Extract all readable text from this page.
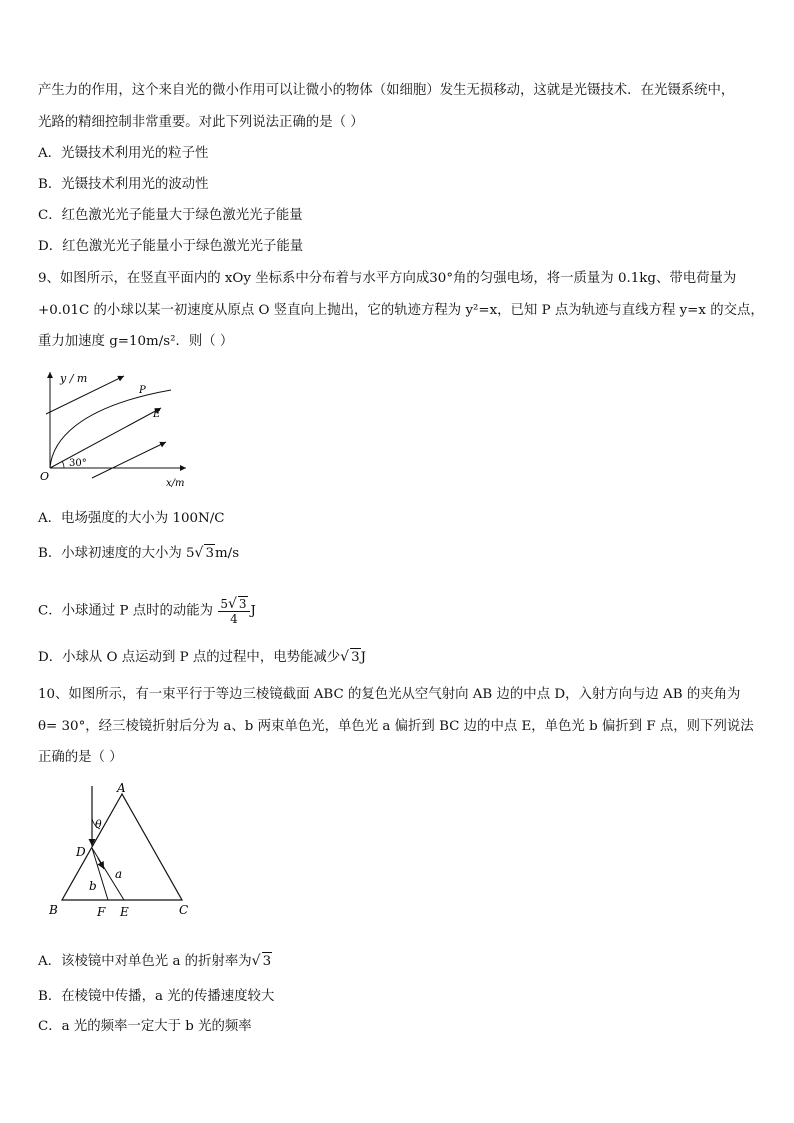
产生力的作用，这个来自光的微小作用可以让微小的物体（如细胞）发生无损移动，这就是光镊技术．在光镊系统中，
光路的精细控制非常重要。对此下列说法正确的是（ ）
A．光镊技术利用光的粒子性
B．光镊技术利用光的波动性
C．红色激光光子能量大于绿色激光光子能量
D．红色激光光子能量小于绿色激光光子能量
9、如图所示，在竖直平面内的 xOy 坐标系中分布着与水平方向成30°角的匀强电场，将一质量为 0.1kg、带电荷量为
+0.01C 的小球以某一初速度从原点 O 竖直向上抛出，它的轨迹方程为 y²=x，已知 P 点为轨迹与直线方程 y=x 的交点，
重力加速度 g=10m/s²．则（ ）
30°
y / m
x/m
O
P
E
A．电场强度的大小为 100N/C
B．小球初速度的大小为 5√ 3m/s
C．小球通过 P 点时的动能为 $\frac{5√ 3}{4}$ J
D．小球从 O 点运动到 P 点的过程中，电势能减少√ 3J
10、如图所示，有一束平行于等边三棱镜截面 ABC 的复色光从空气射向 AB 边的中点 D，入射方向与边 AB 的夹角为
θ= 30°，经三棱镜折射后分为 a、b 两束单色光，单色光 a 偏折到 BC 边的中点 E，单色光 b 偏折到 F 点，则下列说法
正确的是（ ）
θ
A
B	C
D
E
F
a
b
A．该棱镜中对单色光 a 的折射率为√ 3
B．在棱镜中传播，a 光的传播速度较大
C．a 光的频率一定大于 b 光的频率
